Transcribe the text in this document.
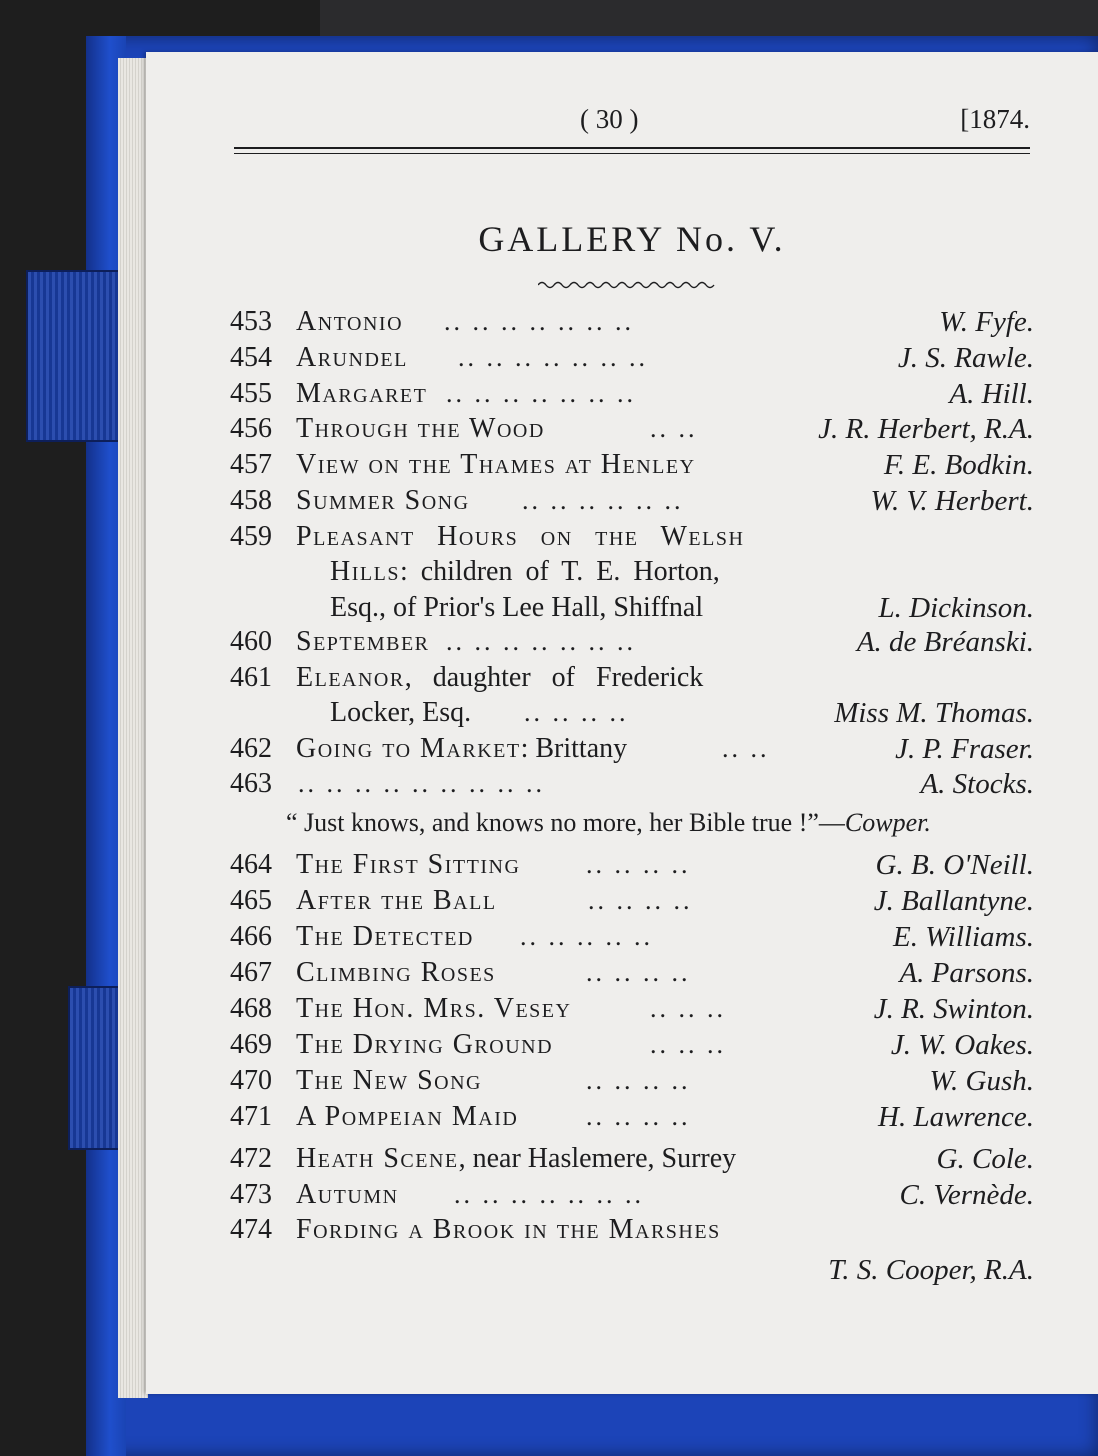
( 30 )	[1874.
GALLERY No. V.
453 Antonio .. .. .. .. .. .. ..	W. Fyfe.
454 Arundel .. .. .. .. .. .. ..	J. S. Rawle.
455 Margaret .. .. .. .. .. .. ..	A. Hill.
456 Through the Wood	.. ..	J. R. Herbert, R.A.
457 View on the Thames at Henley	F. E. Bodkin.
458 Summer Song .. .. .. .. .. ..	W. V. Herbert.
459 Pleasant Hours on the Welsh
Hills: children of T. E. Horton,
Esq., of Prior's Lee Hall, Shiffnal	L. Dickinson.
460 September .. .. .. .. .. .. ..	A. de Bréanski.
461 Eleanor, daughter of Frederick
Locker, Esq. .. .. .. ..	Miss M. Thomas.
462 Going to Market: Brittany	.. ..	J. P. Fraser.
463	.. .. .. .. .. .. .. .. ..	A. Stocks.
“ Just knows, and knows no more, her Bible true !”—Cowper.
464 The First Sitting	.. .. .. ..	G. B. O'Neill.
465 After the Ball	.. .. .. ..	J. Ballantyne.
466 The Detected .. .. .. .. ..	E. Williams.
467 Climbing Roses	.. .. .. ..	A. Parsons.
468 The Hon. Mrs. Vesey	.. .. ..	J. R. Swinton.
469 The Drying Ground	.. .. ..	J. W. Oakes.
470 The New Song	.. .. .. ..	W. Gush.
471 A Pompeian Maid	.. .. .. ..	H. Lawrence.
472 Heath Scene, near Haslemere, Surrey	G. Cole.
473 Autumn .. .. .. .. .. .. ..	C. Vernède.
474 Fording a Brook in the Marshes
T. S. Cooper, R.A.
